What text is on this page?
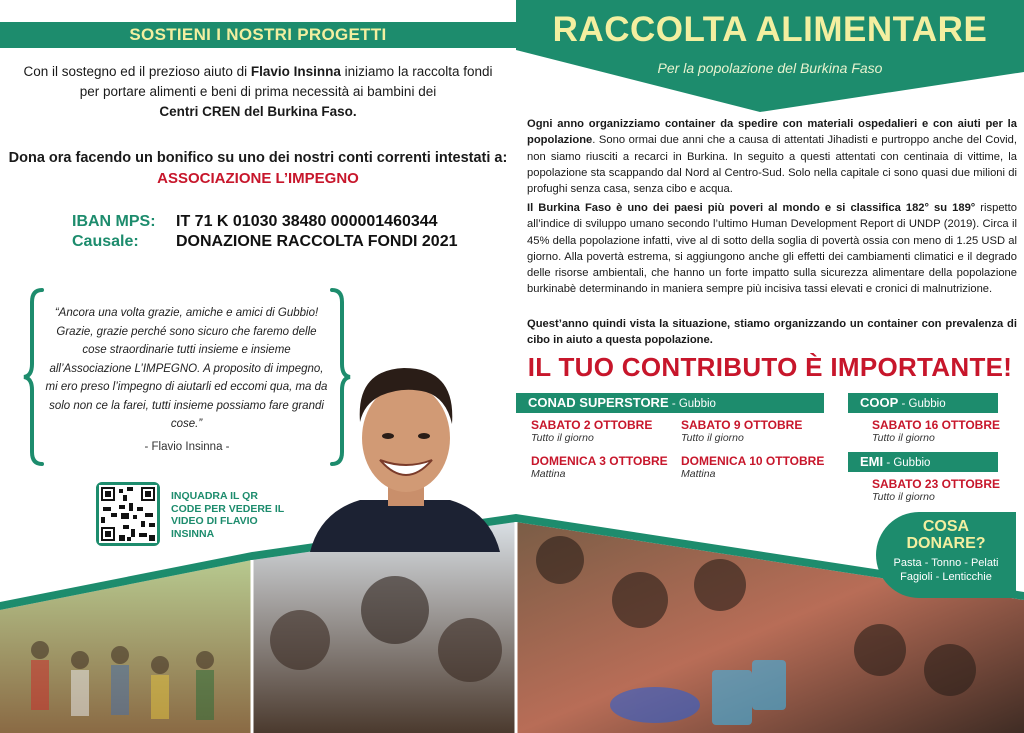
SOSTIENI I NOSTRI PROGETTI
Con il sostegno ed il prezioso aiuto di Flavio Insinna iniziamo la raccolta fondi per portare alimenti e beni di prima necessità ai bambini dei
Centri CREN del Burkina Faso.
Dona ora facendo un bonifico su uno dei nostri conti correnti intestati a:
ASSOCIAZIONE L’IMPEGNO
IBAN MPS: IT 71 K 01030 38480 000001460344
Causale: DONAZIONE RACCOLTA FONDI 2021
“Ancora una volta grazie, amiche e amici di Gubbio! Grazie, grazie perché sono sicuro che faremo delle cose straordinarie tutti insieme e insieme all’Associazione L’IMPEGNO. A proposito di impegno, mi ero preso l’impegno di aiutarli ed eccomi qua, ma da solo non ce la farei, tutti insieme possiamo fare grandi cose.”
- Flavio Insinna -
INQUADRA IL QR CODE PER VEDERE IL VIDEO DI FLAVIO INSINNA
RACCOLTA ALIMENTARE
Per la popolazione del Burkina Faso
Ogni anno organizziamo container da spedire con materiali ospedalieri e con aiuti per la popolazione. Sono ormai due anni che a causa di attentati Jihadisti e purtroppo anche del Covid, non siamo riusciti a recarci in Burkina. In seguito a questi attentati con centinaia di vittime, la popolazione sta scappando dal Nord al Centro-Sud. Solo nella capitale ci sono quasi due milioni di profughi senza casa, senza cibo e acqua.
Il Burkina Faso è uno dei paesi più poveri al mondo e si classifica 182° su 189° rispetto all’indice di sviluppo umano secondo l’ultimo Human Development Report di UNDP (2019). Circa il 45% della popolazione infatti, vive al di sotto della soglia di povertà ossia con meno di 1.25 USD al giorno. Alla povertà estrema, si aggiungono anche gli effetti dei cambiamenti climatici e il degrado delle risorse ambientali, che hanno un forte impatto sulla sicurezza alimentare della popolazione burkinabè determinando in maniera sempre più incisiva tassi elevati e cronici di malnutrizione.
Quest’anno quindi vista la situazione, stiamo organizzando un container con prevalenza di cibo in aiuto a questa popolazione.
IL TUO CONTRIBUTO È IMPORTANTE!
CONAD SUPERSTORE - Gubbio
SABATO 2 OTTOBRE
Tutto il giorno
SABATO 9 OTTOBRE
Tutto il giorno
DOMENICA 3 OTTOBRE
Mattina
DOMENICA 10 OTTOBRE
Mattina
COOP - Gubbio
SABATO 16 OTTOBRE
Tutto il giorno
EMI - Gubbio
SABATO 23 OTTOBRE
Tutto il giorno
COSA
DONARE?
Pasta - Tonno - Pelati
Fagioli - Lenticchie
